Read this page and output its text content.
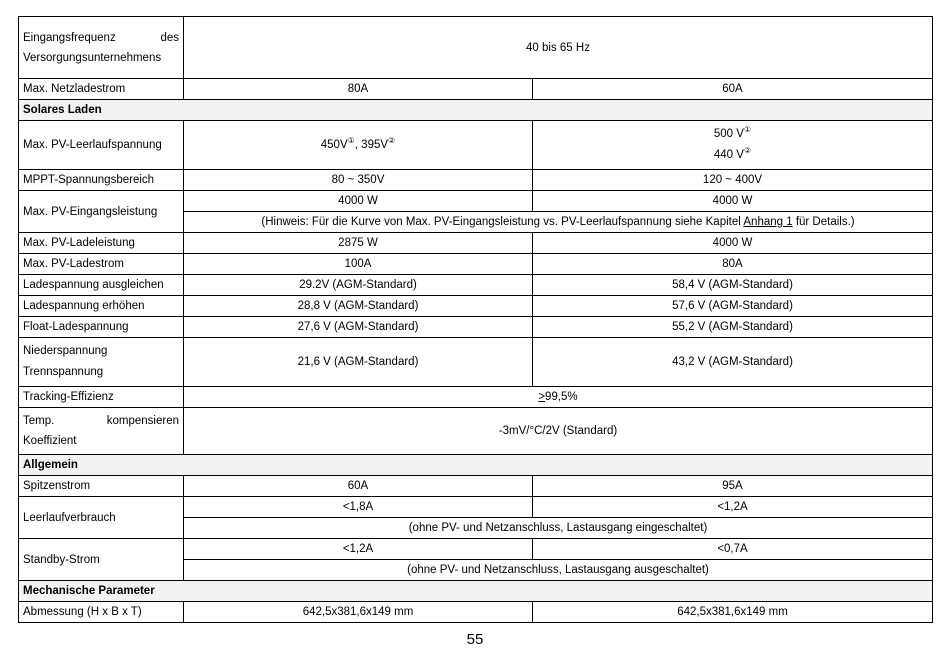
Eingangsfrequenz des Versorgungsunternehmens	40 bis 65 Hz	
Max. Netzladestrom	80A	60A
Solares Laden		
Max. PV-Leerlaufspannung	450V①, 395V②	500 V①
440 V②
MPPT-Spannungsbereich	80 ~ 350V	120 ~ 400V
Max. PV-Eingangsleistung	4000 W	4000 W
	(Hinweis: Für die Kurve von Max. PV-Eingangsleistung vs. PV-Leerlaufspannung siehe Kapitel Anhang 1 für Details.)	
Max. PV-Ladeleistung	2875 W	4000 W
Max. PV-Ladestrom	100A	80A
Ladespannung ausgleichen	29.2V (AGM-Standard)	58,4 V (AGM-Standard)
Ladespannung erhöhen	28,8 V (AGM-Standard)	57,6 V (AGM-Standard)
Float-Ladespannung	27,6 V (AGM-Standard)	55,2 V (AGM-Standard)
Niederspannung
Trennspannung	21,6 V (AGM-Standard)	43,2 V (AGM-Standard)
Tracking-Effizienz	≥99,5%	
Temp. kompensieren Koeffizient	-3mV/°C/2V (Standard)	
Allgemein		
Spitzenstrom	60A	95A
Leerlaufverbrauch	<1,8A	<1,2A
	(ohne PV- und Netzanschluss, Lastausgang eingeschaltet)	
Standby-Strom	<1,2A	<0,7A
	(ohne PV- und Netzanschluss, Lastausgang ausgeschaltet)	
Mechanische Parameter		
Abmessung (H x B x T)	642,5x381,6x149 mm	642,5x381,6x149 mm
55
